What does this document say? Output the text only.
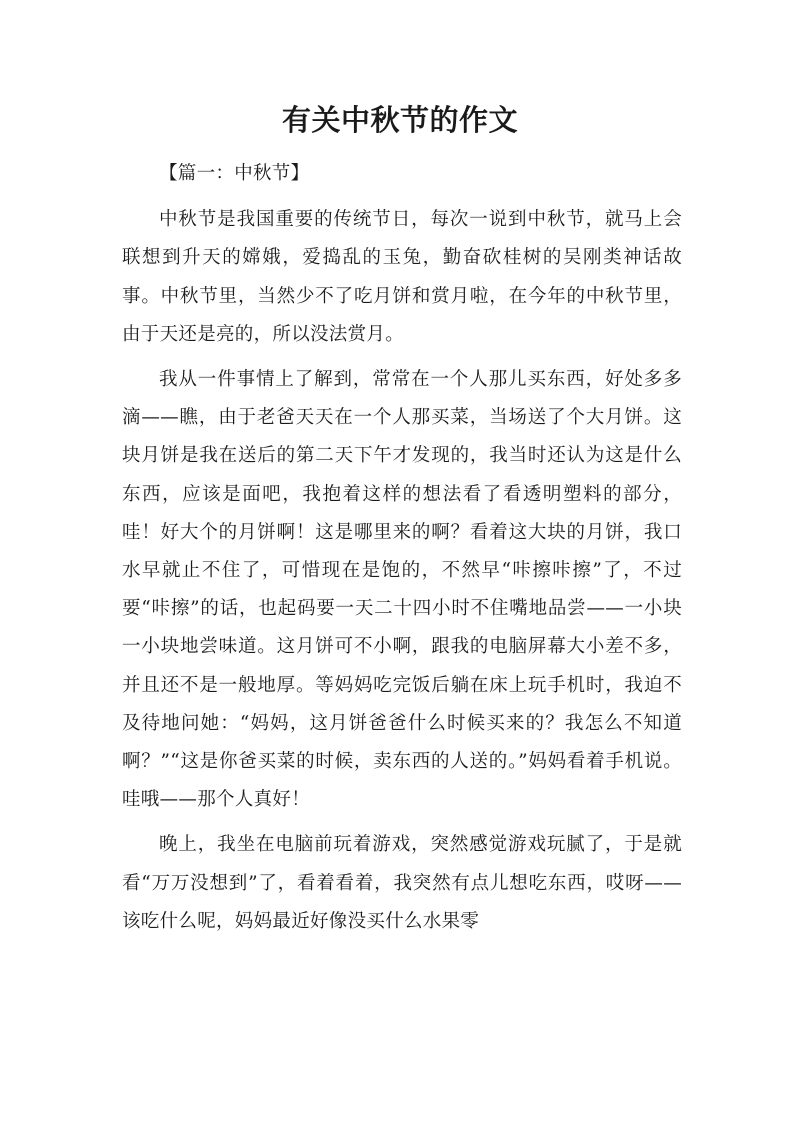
有关中秋节的作文

【篇一：中秋节】

中秋节是我国重要的传统节日，每次一说到中秋节，就马上会联想到升天的嫦娥，爱捣乱的玉兔，勤奋砍桂树的吴刚类神话故事。中秋节里，当然少不了吃月饼和赏月啦，在今年的中秋节里，由于天还是亮的，所以没法赏月。

我从一件事情上了解到，常常在一个人那儿买东西，好处多多滴——瞧，由于老爸天天在一个人那买菜，当场送了个大月饼。这块月饼是我在送后的第二天下午才发现的，我当时还认为这是什么东西，应该是面吧，我抱着这样的想法看了看透明塑料的部分，哇！好大个的月饼啊！这是哪里来的啊？看着这大块的月饼，我口水早就止不住了，可惜现在是饱的，不然早“咔擦咔擦”了，不过要“咔擦”的话，也起码要一天二十四小时不住嘴地品尝——一小块一小块地尝味道。这月饼可不小啊，跟我的电脑屏幕大小差不多，并且还不是一般地厚。等妈妈吃完饭后躺在床上玩手机时，我迫不及待地问她：“妈妈，这月饼爸爸什么时候买来的？我怎么不知道啊？”“这是你爸买菜的时候，卖东西的人送的。”妈妈看着手机说。哇哦——那个人真好！

晚上，我坐在电脑前玩着游戏，突然感觉游戏玩腻了，于是就看“万万没想到”了，看着看着，我突然有点儿想吃东西，哎呀——该吃什么呢，妈妈最近好像没买什么水果零
